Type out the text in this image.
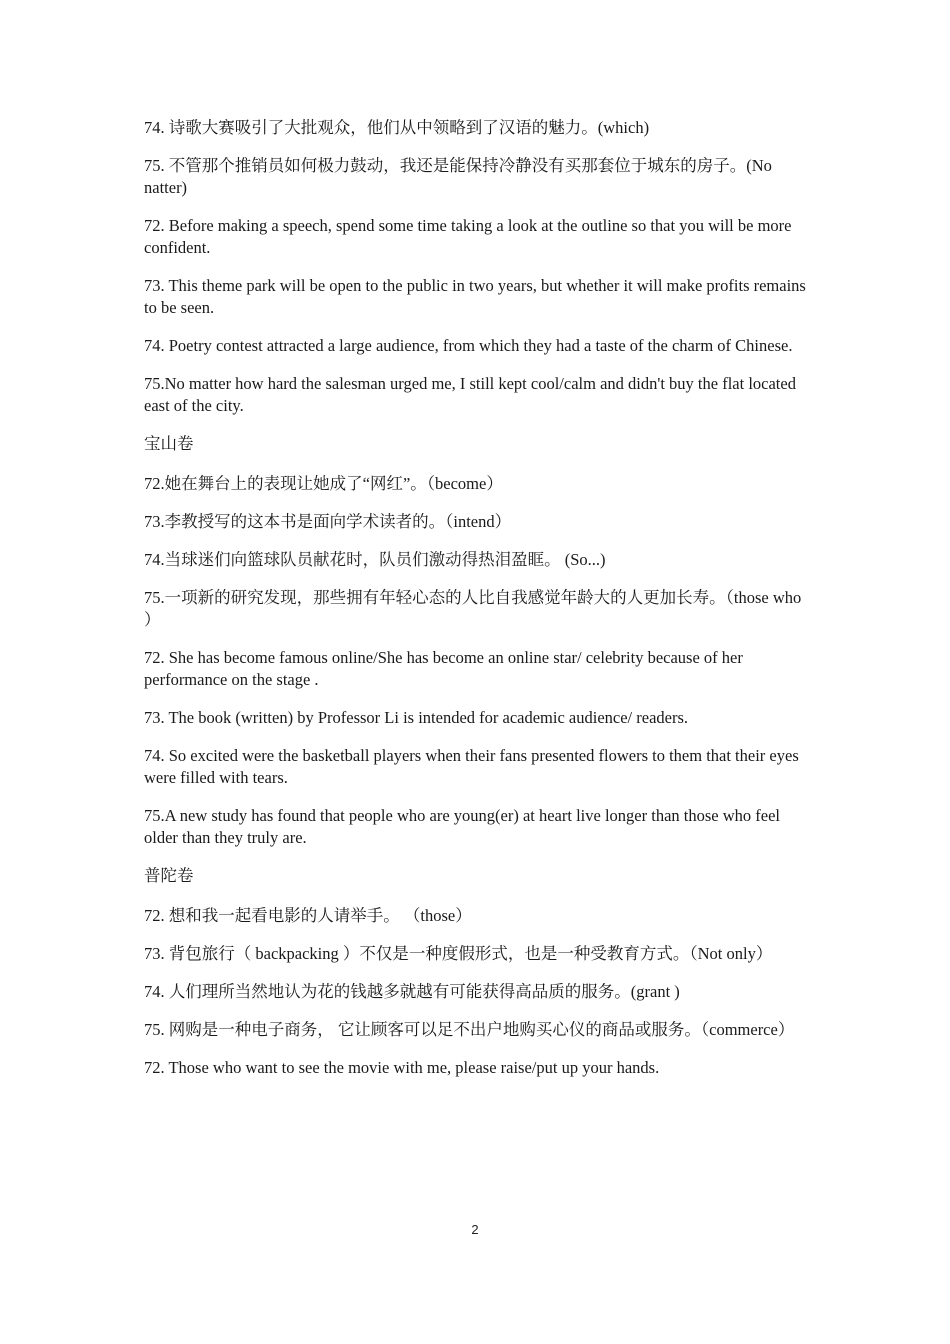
74. 诗歌大赛吸引了大批观众，他们从中领略到了汉语的魅力。(which)

75. 不管那个推销员如何极力鼓动，我还是能保持冷静没有买那套位于城东的房子。(No natter)

72. Before making a speech, spend some time taking a look at the outline so that you will be more confident.

73. This theme park will be open to the public in two years, but whether it will make profits remains to be seen.

74. Poetry contest attracted a large audience, from which they had a taste of the charm of Chinese.

75.No matter how hard the salesman urged me, I still kept cool/calm and didn't buy the flat located east of the city.

宝山卷

72.她在舞台上的表现让她成了“网红”。（become）

73.李教授写的这本书是面向学术读者的。（intend）

74.当球迷们向篮球队员献花时，队员们激动得热泪盈眶。 (So...)

75.一项新的研究发现，那些拥有年轻心态的人比自我感觉年龄大的人更加长寿。（those who ）

72. She has become famous online/She has become an online star/ celebrity because of her performance on the stage .

73. The book (written) by Professor Li is intended for academic audience/ readers.

74. So excited were the basketball players when their fans presented flowers to them that their eyes were filled with tears.

75.A new study has found that people who are young(er) at heart live longer than those who feel older than they truly are.

普陀卷

72. 想和我一起看电影的人请举手。 （those）

73. 背包旅行（ backpacking ）不仅是一种度假形式，也是一种受教育方式。（Not only）

74. 人们理所当然地认为花的钱越多就越有可能获得高品质的服务。(grant )

75. 网购是一种电子商务， 它让顾客可以足不出户地购买心仪的商品或服务。（commerce）

72. Those who want to see the movie with me, please raise/put up your hands.

2
